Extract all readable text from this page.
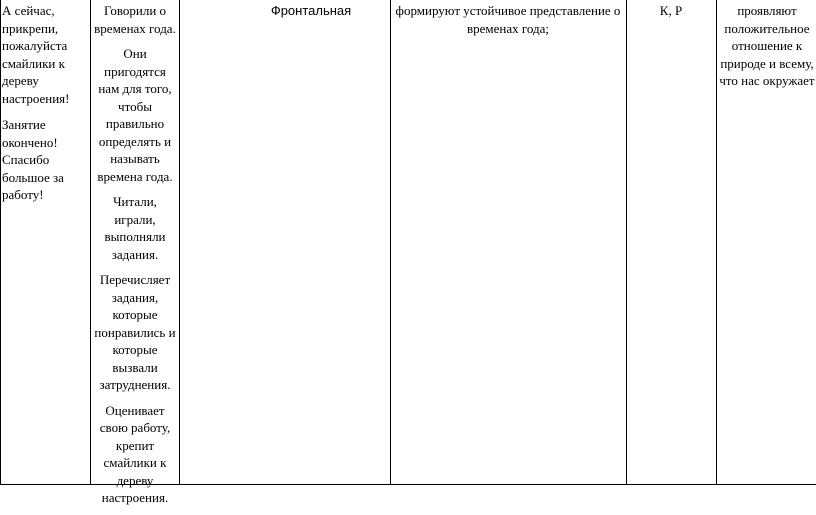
А сейчас, прикрепи, пожалуйста смайлики к дереву настроения!

Занятие окончено! Спасибо большое за работу!

Говорили о временах года.

Они пригодятся нам для того, чтобы правильно определять и называть времена года.

Читали, играли, выполняли задания.

Перечисляет задания, которые понравились и которые вызвали затруднения.

Оценивает свою работу, крепит смайлики к дереву настроения.

Фронтальная	формируют устойчивое представление о временах года;
К, Р	проявляют положительное отношение к природе и всему, что нас окружает
